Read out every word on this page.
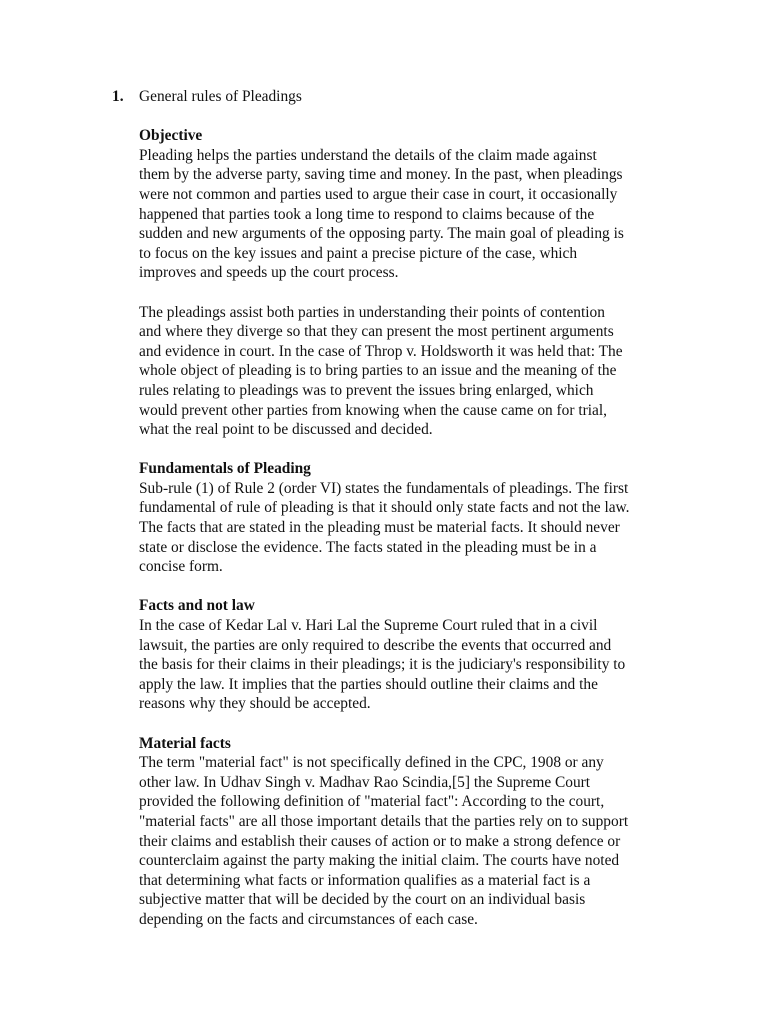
1.	General rules of Pleadings

Objective

Pleading helps the parties understand the details of the claim made against
them by the adverse party, saving time and money. In the past, when pleadings
were not common and parties used to argue their case in court, it occasionally
happened that parties took a long time to respond to claims because of the
sudden and new arguments of the opposing party. The main goal of pleading is
to focus on the key issues and paint a precise picture of the case, which
improves and speeds up the court process.

The pleadings assist both parties in understanding their points of contention
and where they diverge so that they can present the most pertinent arguments
and evidence in court. In the case of Throp v. Holdsworth it was held that: The
whole object of pleading is to bring parties to an issue and the meaning of the
rules relating to pleadings was to prevent the issues bring enlarged, which
would prevent other parties from knowing when the cause came on for trial,
what the real point to be discussed and decided.

Fundamentals of Pleading

Sub-rule (1) of Rule 2 (order VI) states the fundamentals of pleadings. The first
fundamental of rule of pleading is that it should only state facts and not the law.
The facts that are stated in the pleading must be material facts. It should never
state or disclose the evidence. The facts stated in the pleading must be in a
concise form.

Facts and not law

In the case of Kedar Lal v. Hari Lal the Supreme Court ruled that in a civil
lawsuit, the parties are only required to describe the events that occurred and
the basis for their claims in their pleadings; it is the judiciary's responsibility to
apply the law. It implies that the parties should outline their claims and the
reasons why they should be accepted.

Material facts

The term "material fact" is not specifically defined in the CPC, 1908 or any
other law. In Udhav Singh v. Madhav Rao Scindia,[5] the Supreme Court
provided the following definition of "material fact": According to the court,
"material facts" are all those important details that the parties rely on to support
their claims and establish their causes of action or to make a strong defence or
counterclaim against the party making the initial claim. The courts have noted
that determining what facts or information qualifies as a material fact is a
subjective matter that will be decided by the court on an individual basis
depending on the facts and circumstances of each case.
